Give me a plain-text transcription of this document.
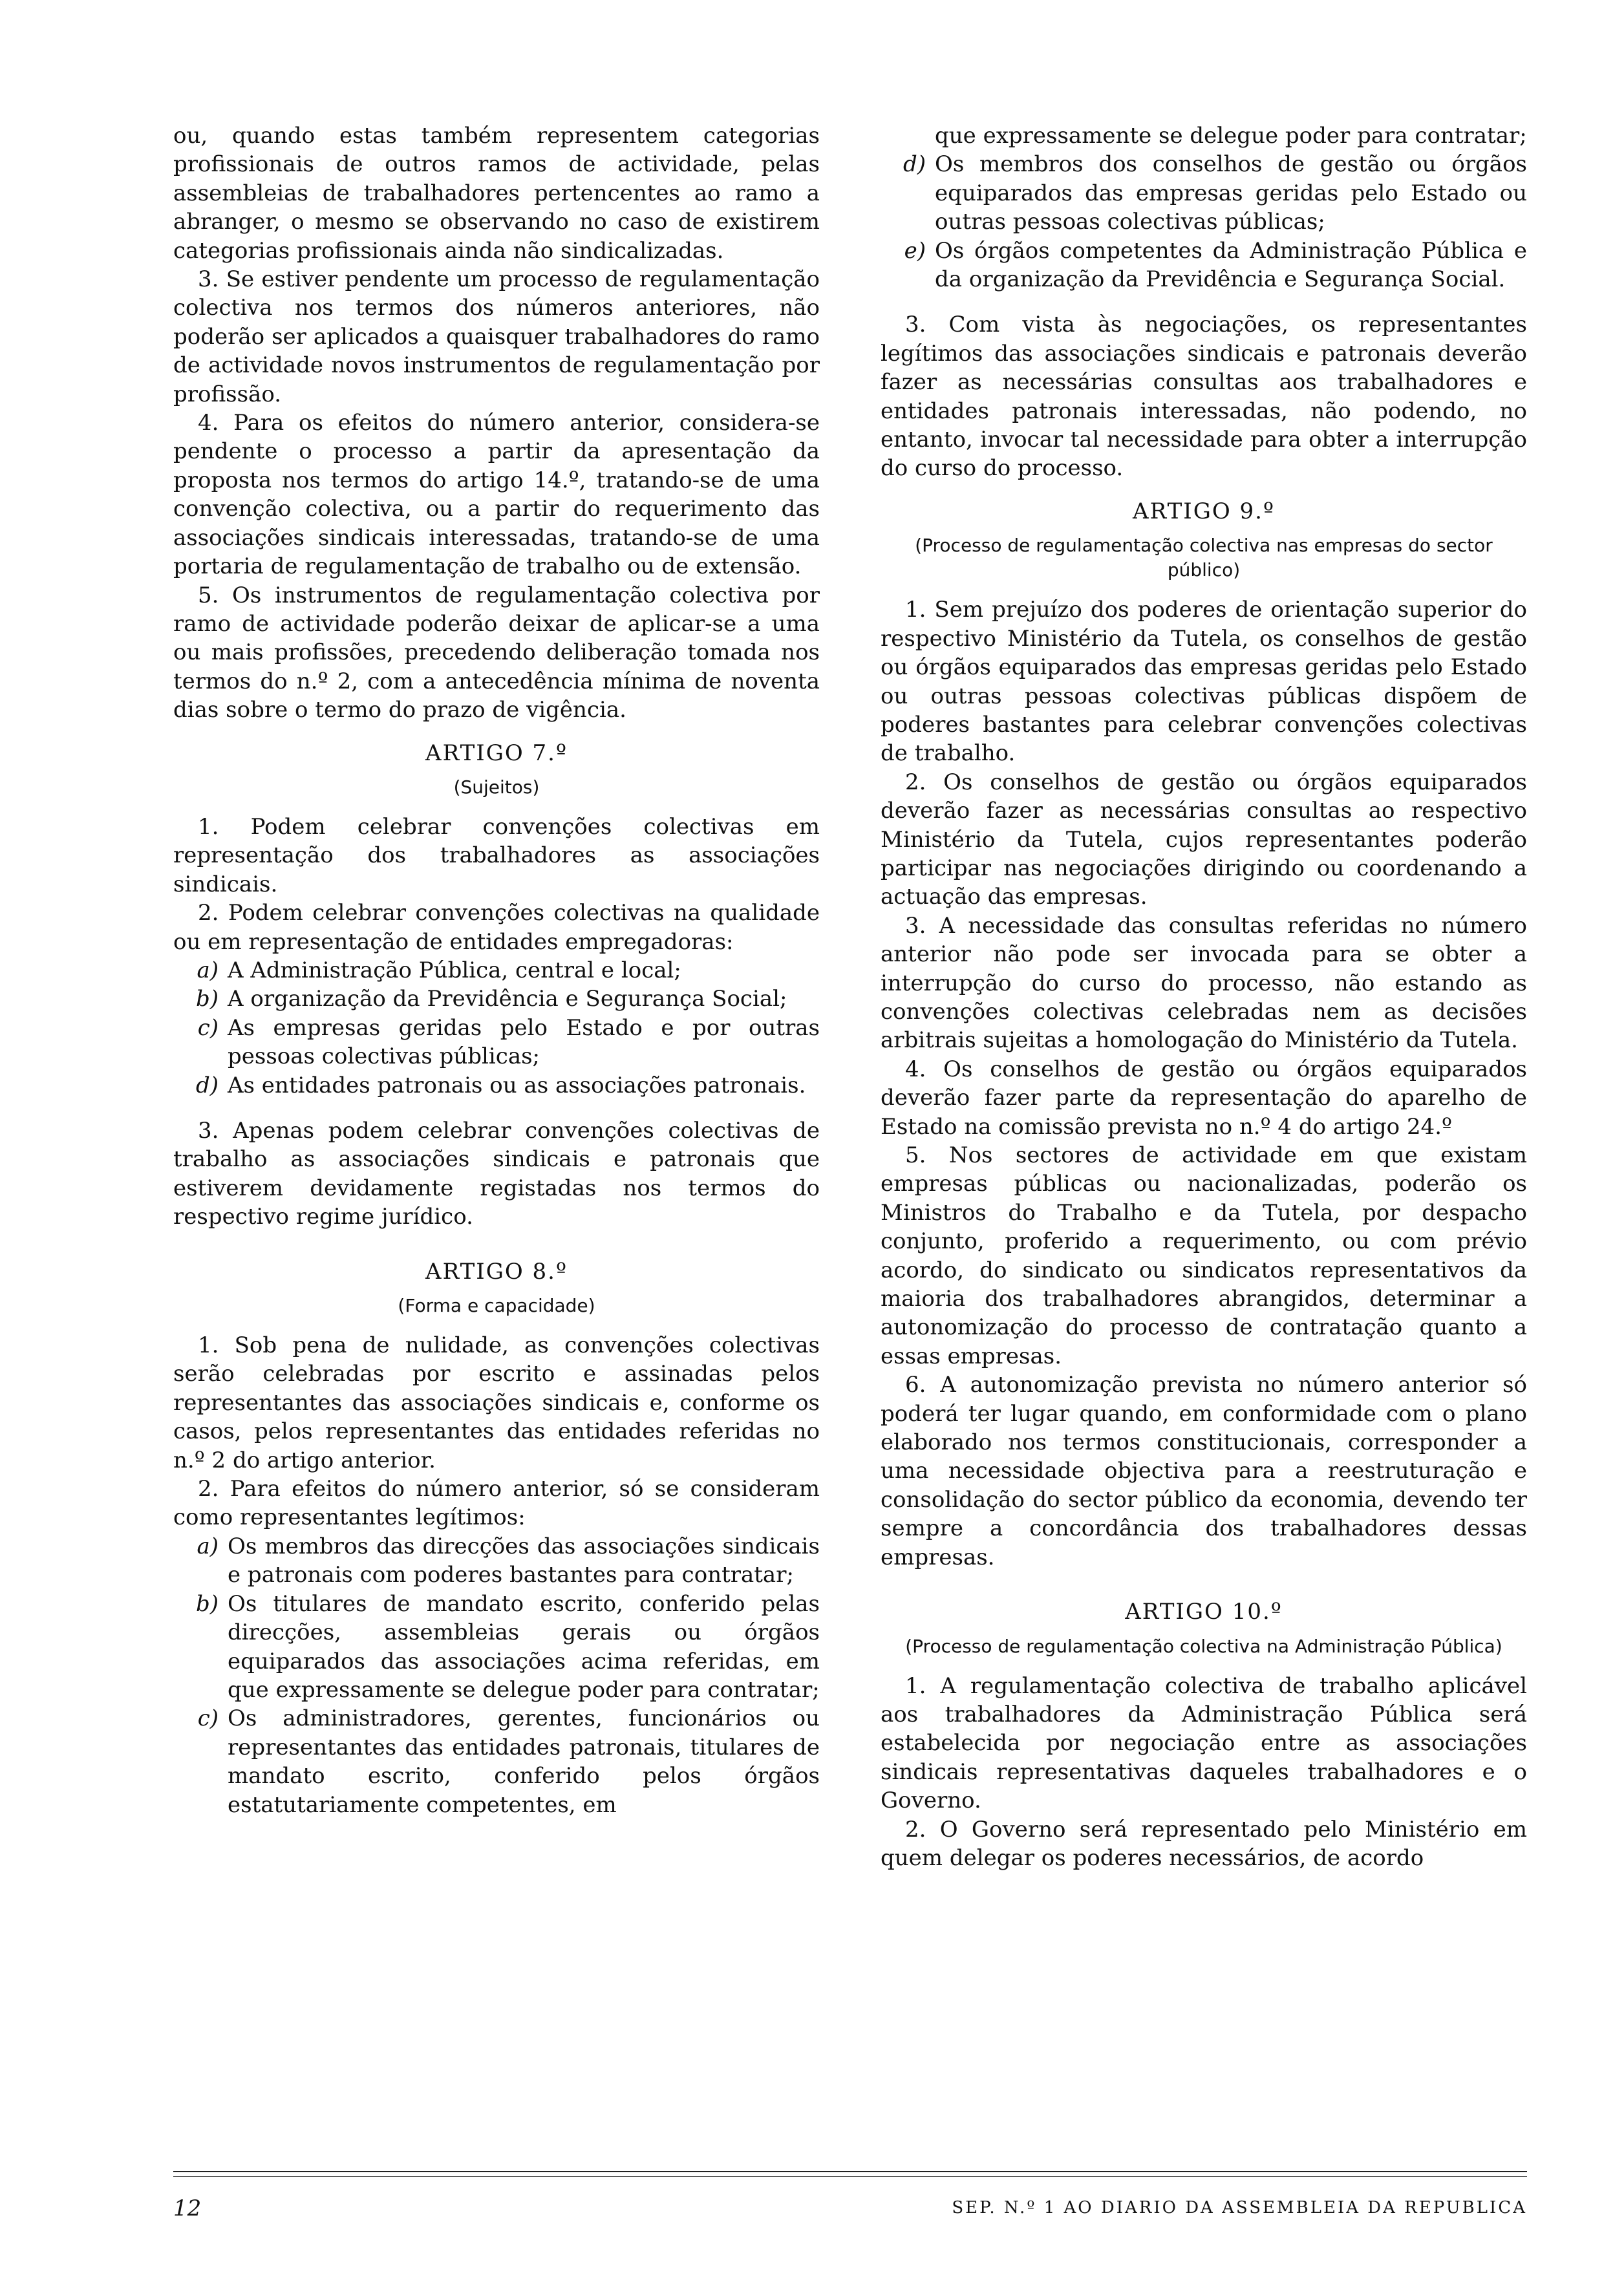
ou, quando estas também representem categorias profissionais de outros ramos de actividade, pelas assembleias de trabalhadores pertencentes ao ramo a abranger, o mesmo se observando no caso de existirem categorias profissionais ainda não sindicalizadas.

3. Se estiver pendente um processo de regulamentação colectiva nos termos dos números anteriores, não poderão ser aplicados a quaisquer trabalhadores do ramo de actividade novos instrumentos de regulamentação por profissão.

4. Para os efeitos do número anterior, considera-se pendente o processo a partir da apresentação da proposta nos termos do artigo 14.º, tratando-se de uma convenção colectiva, ou a partir do requerimento das associações sindicais interessadas, tratando-se de uma portaria de regulamentação de trabalho ou de extensão.

5. Os instrumentos de regulamentação colectiva por ramo de actividade poderão deixar de aplicar-se a uma ou mais profissões, precedendo deliberação tomada nos termos do n.º 2, com a antecedência mínima de noventa dias sobre o termo do prazo de vigência.

ARTIGO 7.º
(Sujeitos)

1. Podem celebrar convenções colectivas em representação dos trabalhadores as associações sindicais.

2. Podem celebrar convenções colectivas na qualidade ou em representação de entidades empregadoras:

a) A Administração Pública, central e local;
b) A organização da Previdência e Segurança Social;
c) As empresas geridas pelo Estado e por outras pessoas colectivas públicas;
d) As entidades patronais ou as associações patronais.

3. Apenas podem celebrar convenções colectivas de trabalho as associações sindicais e patronais que estiverem devidamente registadas nos termos do respectivo regime jurídico.

ARTIGO 8.º
(Forma e capacidade)

1. Sob pena de nulidade, as convenções colectivas serão celebradas por escrito e assinadas pelos representantes das associações sindicais e, conforme os casos, pelos representantes das entidades referidas no n.º 2 do artigo anterior.

2. Para efeitos do número anterior, só se consideram como representantes legítimos:

a) Os membros das direcções das associações sindicais e patronais com poderes bastantes para contratar;
b) Os titulares de mandato escrito, conferido pelas direcções, assembleias gerais ou órgãos equiparados das associações acima referidas, em que expressamente se delegue poder para contratar;
c) Os administradores, gerentes, funcionários ou representantes das entidades patronais, titulares de mandato escrito, conferido pelos órgãos estatutariamente competentes, em
que expressamente se delegue poder para contratar;
d) Os membros dos conselhos de gestão ou órgãos equiparados das empresas geridas pelo Estado ou outras pessoas colectivas públicas;
e) Os órgãos competentes da Administração Pública e da organização da Previdência e Segurança Social.

3. Com vista às negociações, os representantes legítimos das associações sindicais e patronais deverão fazer as necessárias consultas aos trabalhadores e entidades patronais interessadas, não podendo, no entanto, invocar tal necessidade para obter a interrupção do curso do processo.

ARTIGO 9.º
(Processo de regulamentação colectiva nas empresas do sector público)

1. Sem prejuízo dos poderes de orientação superior do respectivo Ministério da Tutela, os conselhos de gestão ou órgãos equiparados das empresas geridas pelo Estado ou outras pessoas colectivas públicas dispõem de poderes bastantes para celebrar convenções colectivas de trabalho.

2. Os conselhos de gestão ou órgãos equiparados deverão fazer as necessárias consultas ao respectivo Ministério da Tutela, cujos representantes poderão participar nas negociações dirigindo ou coordenando a actuação das empresas.

3. A necessidade das consultas referidas no número anterior não pode ser invocada para se obter a interrupção do curso do processo, não estando as convenções colectivas celebradas nem as decisões arbitrais sujeitas a homologação do Ministério da Tutela.

4. Os conselhos de gestão ou órgãos equiparados deverão fazer parte da representação do aparelho de Estado na comissão prevista no n.º 4 do artigo 24.º

5. Nos sectores de actividade em que existam empresas públicas ou nacionalizadas, poderão os Ministros do Trabalho e da Tutela, por despacho conjunto, proferido a requerimento, ou com prévio acordo, do sindicato ou sindicatos representativos da maioria dos trabalhadores abrangidos, determinar a autonomização do processo de contratação quanto a essas empresas.

6. A autonomização prevista no número anterior só poderá ter lugar quando, em conformidade com o plano elaborado nos termos constitucionais, corresponder a uma necessidade objectiva para a reestruturação e consolidação do sector público da economia, devendo ter sempre a concordância dos trabalhadores dessas empresas.

ARTIGO 10.º
(Processo de regulamentação colectiva na Administração Pública)

1. A regulamentação colectiva de trabalho aplicável aos trabalhadores da Administração Pública será estabelecida por negociação entre as associações sindicais representativas daqueles trabalhadores e o Governo.

2. O Governo será representado pelo Ministério em quem delegar os poderes necessários, de acordo

12	SEP. N.º 1 AO DIARIO DA ASSEMBLEIA DA REPUBLICA
